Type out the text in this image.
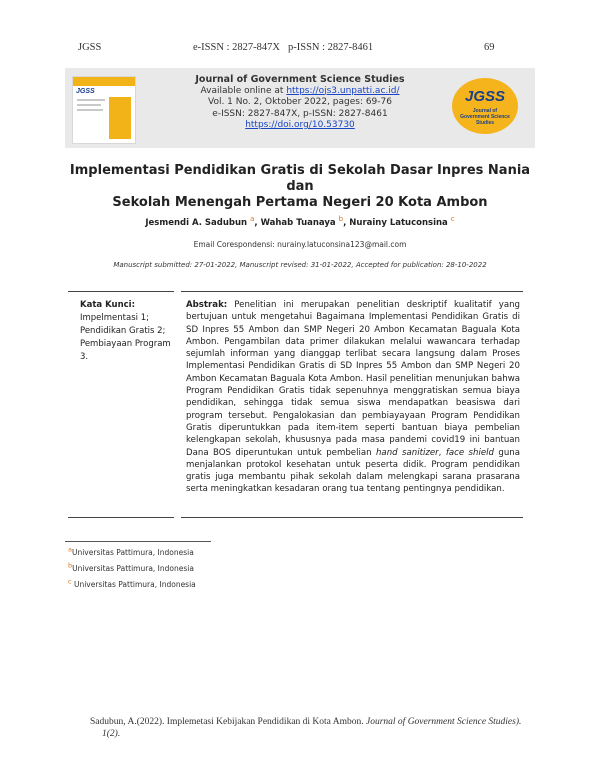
JGSS	e-ISSN : 2827-847X p-ISSN : 2827-8461	69
JGSS
Journal of Government Science Studies
Available online at https://ojs3.unpatti.ac.id/
Vol. 1 No. 2, Oktober 2022, pages: 69-76
e-ISSN: 2827-847X, p-ISSN: 2827-8461
https://doi.org/10.53730
JGSS
Journal of Government Science Studies
Implementasi Pendidikan Gratis di Sekolah Dasar Inpres Nania dan
Sekolah Menengah Pertama Negeri 20 Kota Ambon
Jesmendi A. Sadubun $^a$, Wahab Tuanaya $^b$, Nurainy Latuconsina $^c$
Email Corespondensi: nurainy.latuconsina123@mail.com
Manuscript submitted: 27-01-2022, Manuscript revised: 31-01-2022, Accepted for publication: 28-10-2022
Kata Kunci:
Impelmentasi 1;
Pendidikan Gratis 2;
Pembiayaan Program 3.
Abstrak: Penelitian ini merupakan penelitian deskriptif kualitatif yang bertujuan untuk mengetahui Bagaimana Implementasi Pendidikan Gratis di SD Inpres 55 Ambon dan SMP Negeri 20 Ambon Kecamatan Baguala Kota Ambon. Pengambilan data primer dilakukan melalui wawancara terhadap sejumlah informan yang dianggap terlibat secara langsung dalam Proses Implementasi Pendidikan Gratis di SD Inpres 55 Ambon dan SMP Negeri 20 Ambon Kecamatan Baguala Kota Ambon. Hasil penelitian menunjukan bahwa Program Pendidikan Gratis tidak sepenuhnya menggratiskan semua biaya pendidikan, sehingga tidak semua siswa mendapatkan beasiswa dari program tersebut. Pengalokasian dan pembiayayaan Program Pendidikan Gratis diperuntukkan pada item-item seperti bantuan biaya pembelian kelengkapan sekolah, khususnya pada masa pandemi covid19 ini bantuan Dana BOS diperuntukan untuk pembelian hand sanitizer, face shield guna menjalankan protokol kesehatan untuk peserta didik. Program pendidikan gratis juga membantu pihak sekolah dalam melengkapi sarana prasarana serta meningkatkan kesadaran orang tua tentang pentingnya pendidikan.
aUniversitas Pattimura, Indonesia
bUniversitas Pattimura, Indonesia
c Universitas Pattimura, Indonesia
Sadubun, A.(2022). Implemetasi Kebijakan Pendidikan di Kota Ambon. Journal of Government Science Studies).
1(2).
